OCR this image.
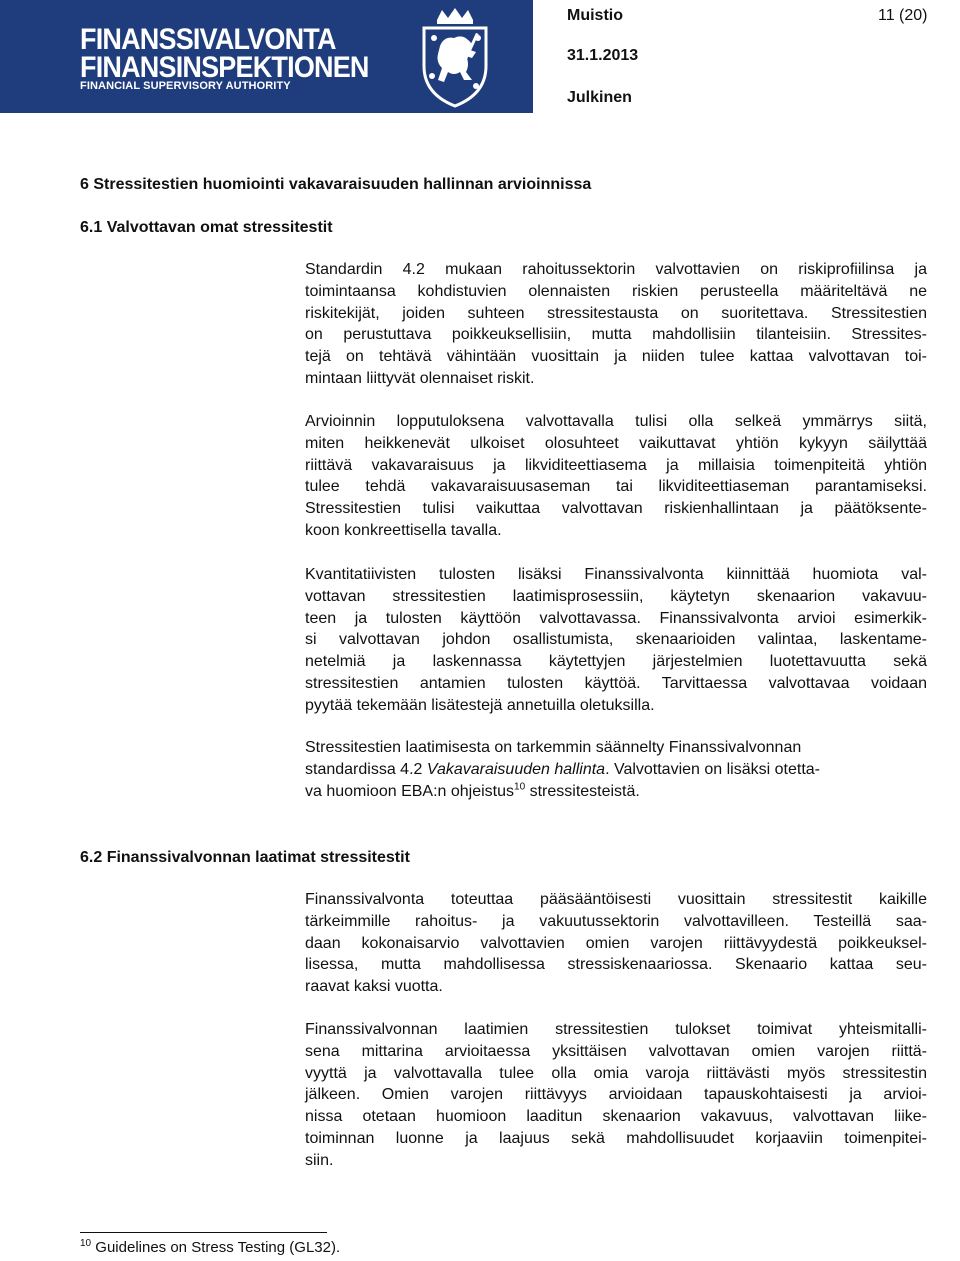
FINANSSIVALVONTA
FINANSINSPEKTIONEN
FINANCIAL SUPERVISORY AUTHORITY
Muistio	11 (20)
31.1.2013
Julkinen
6 Stressitestien huomiointi vakavaraisuuden hallinnan arvioinnissa
6.1 Valvottavan omat stressitestit
Standardin 4.2 mukaan rahoitussektorin valvottavien on riskiprofiilinsa ja
toimintaansa kohdistuvien olennaisten riskien perusteella määriteltävä ne
riskitekijät, joiden suhteen stressitestausta on suoritettava. Stressitestien
on perustuttava poikkeuksellisiin, mutta mahdollisiin tilanteisiin. Stressites-
tejä on tehtävä vähintään vuosittain ja niiden tulee kattaa valvottavan toi-
mintaan liittyvät olennaiset riskit.
Arvioinnin lopputuloksena valvottavalla tulisi olla selkeä ymmärrys siitä,
miten heikkenevät ulkoiset olosuhteet vaikuttavat yhtiön kykyyn säilyttää
riittävä vakavaraisuus ja likviditeettiasema ja millaisia toimenpiteitä yhtiön
tulee tehdä vakavaraisuusaseman tai likviditeettiaseman parantamiseksi.
Stressitestien tulisi vaikuttaa valvottavan riskienhallintaan ja päätöksente-
koon konkreettisella tavalla.
Kvantitatiivisten tulosten lisäksi Finanssivalvonta kiinnittää huomiota val-
vottavan stressitestien laatimisprosessiin, käytetyn skenaarion vakavuu-
teen ja tulosten käyttöön valvottavassa. Finanssivalvonta arvioi esimerkik-
si valvottavan johdon osallistumista, skenaarioiden valintaa, laskentame-
netelmiä ja laskennassa käytettyjen järjestelmien luotettavuutta sekä
stressitestien antamien tulosten käyttöä. Tarvittaessa valvottavaa voidaan
pyytää tekemään lisätestejä annetuilla oletuksilla.
Stressitestien laatimisesta on tarkemmin säännelty Finanssivalvonnan
standardissa 4.2 Vakavaraisuuden hallinta. Valvottavien on lisäksi otetta-
va huomioon EBA:n ohjeistus$^{10}$ stressitesteistä.
6.2 Finanssivalvonnan laatimat stressitestit
Finanssivalvonta toteuttaa pääsääntöisesti vuosittain stressitestit kaikille
tärkeimmille rahoitus- ja vakuutussektorin valvottavilleen. Testeillä saa-
daan kokonaisarvio valvottavien omien varojen riittävyydestä poikkeuksel-
lisessa, mutta mahdollisessa stressiskenaariossa. Skenaario kattaa seu-
raavat kaksi vuotta.
Finanssivalvonnan laatimien stressitestien tulokset toimivat yhteismitalli-
sena mittarina arvioitaessa yksittäisen valvottavan omien varojen riittä-
vyyttä ja valvottavalla tulee olla omia varoja riittävästi myös stressitestin
jälkeen. Omien varojen riittävyys arvioidaan tapauskohtaisesti ja arvioi-
nissa otetaan huomioon laaditun skenaarion vakavuus, valvottavan liike-
toiminnan luonne ja laajuus sekä mahdollisuudet korjaaviin toimenpitei-
siin.
$^{10}$ Guidelines on Stress Testing (GL32).
